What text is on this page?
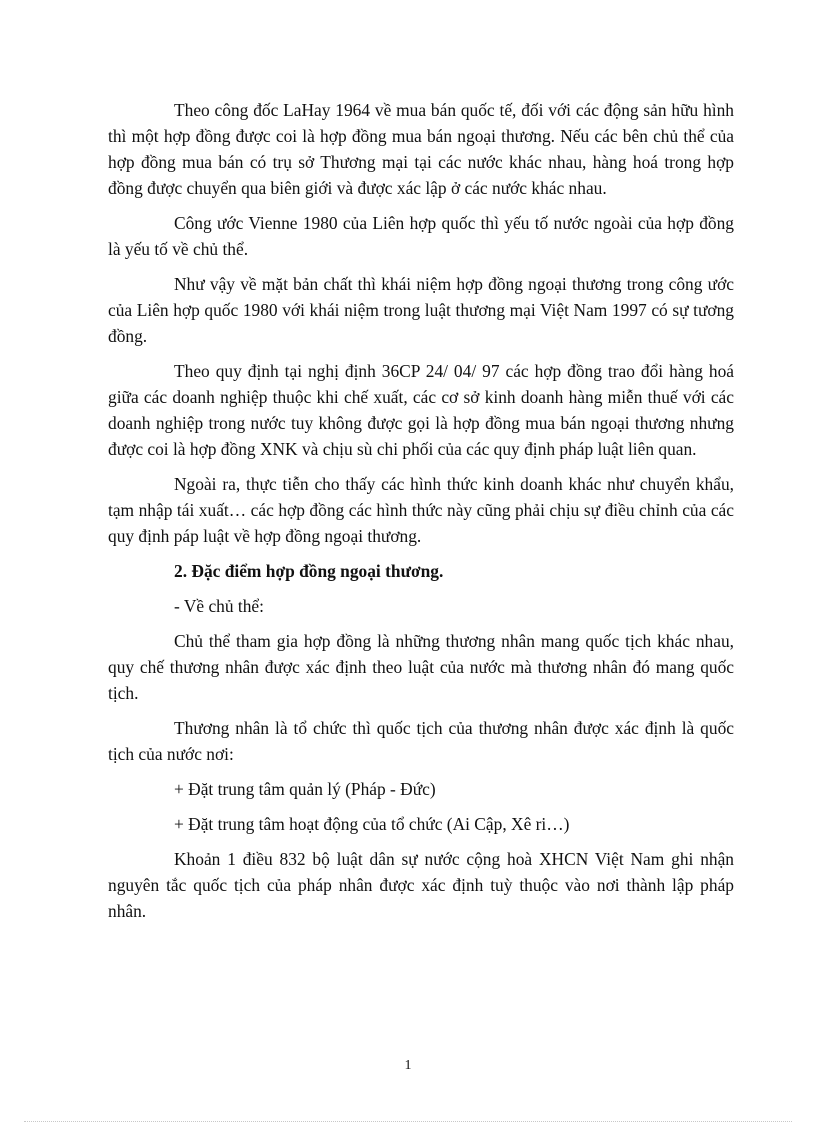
Theo công đốc LaHay 1964 về mua bán quốc tế, đối với các động sản hữu hình thì một hợp đồng được coi là hợp đồng mua bán ngoại thương. Nếu các bên chủ thể của hợp đồng mua bán có trụ sở Thương mại tại các nước khác nhau, hàng hoá trong hợp đồng được chuyển qua biên giới và được xác lập ở các nước khác nhau.

Công ước Vienne 1980 của Liên hợp quốc thì yếu tố nước ngoài của hợp đồng là yếu tố về chủ thể.

Như vậy về mặt bản chất thì khái niệm hợp đồng ngoại thương trong công ước của Liên hợp quốc 1980 với khái niệm trong luật thương mại Việt Nam 1997 có sự tương đồng.

Theo quy định tại nghị định 36CP 24/ 04/ 97 các hợp đồng trao đổi hàng hoá giữa các doanh nghiệp thuộc khi chế xuất, các cơ sở kinh doanh hàng miễn thuế với các doanh nghiệp trong nước tuy không được gọi là hợp đồng mua bán ngoại thương nhưng được coi là hợp đồng XNK và chịu sù chi phối của các quy định pháp luật liên quan.

Ngoài ra, thực tiễn cho thấy các hình thức kinh doanh khác như chuyển khẩu, tạm nhập tái xuất… các hợp đồng các hình thức này cũng phải chịu sự điều chỉnh của các quy định páp luật về hợp đồng ngoại thương.

2. Đặc điểm hợp đồng ngoại thương.

- Về chủ thể:

Chủ thể tham gia hợp đồng là những thương nhân mang quốc tịch khác nhau, quy chế thương nhân được xác định theo luật của nước mà thương nhân đó mang quốc tịch.

Thương nhân là tổ chức thì quốc tịch của thương nhân được xác định là quốc tịch của nước nơi:

+ Đặt trung tâm quản lý (Pháp - Đức)

+ Đặt trung tâm hoạt động của tổ chức (Ai Cập, Xê ri…)

Khoản 1 điều 832 bộ luật dân sự nước cộng hoà XHCN Việt Nam ghi nhận nguyên tắc quốc tịch của pháp nhân được xác định tuỳ thuộc vào nơi thành lập pháp nhân.

1
